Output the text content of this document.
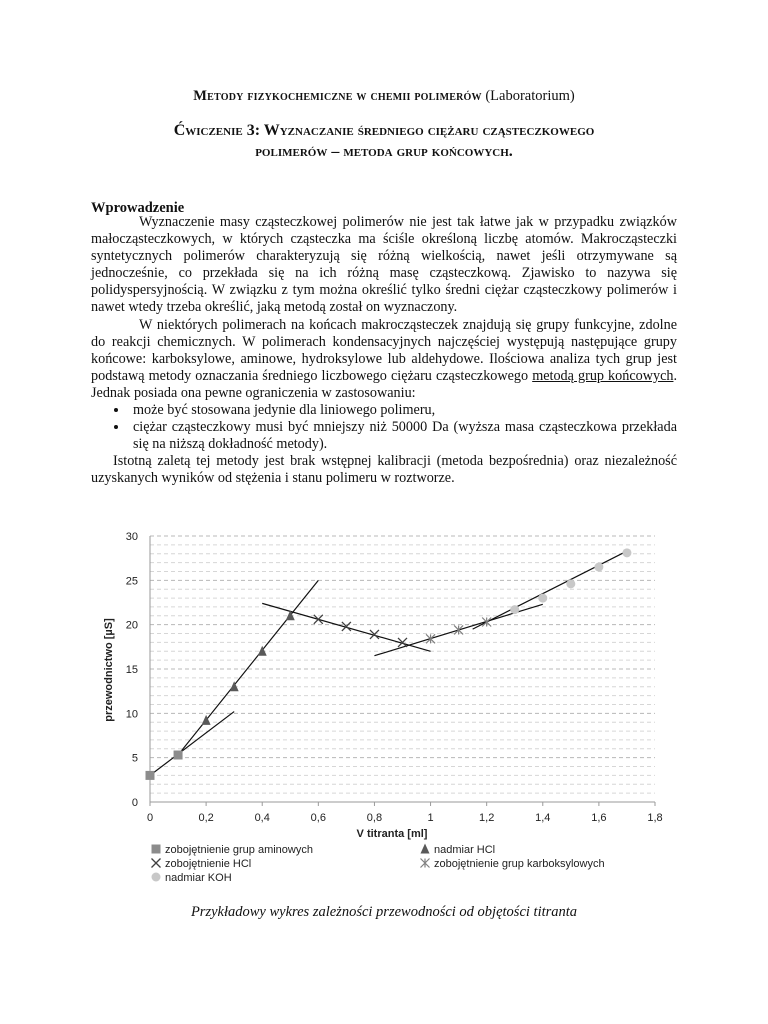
Metody fizykochemiczne w chemii polimerów (Laboratorium)
Ćwiczenie 3: Wyznaczanie średniego ciężaru cząsteczkowego
polimerów – metoda grup końcowych.
Wprowadzenie

Wyznaczenie masy cząsteczkowej polimerów nie jest tak łatwe jak w przypadku związków małocząsteczkowych, w których cząsteczka ma ściśle określoną liczbę atomów. Makrocząsteczki syntetycznych polimerów charakteryzują się różną wielkością, nawet jeśli otrzymywane są jednocześnie, co przekłada się na ich różną masę cząsteczkową. Zjawisko to nazywa się polidyspersyjnością. W związku z tym można określić tylko średni ciężar cząsteczkowy polimerów i nawet wtedy trzeba określić, jaką metodą został on wyznaczony.

W niektórych polimerach na końcach makrocząsteczek znajdują się grupy funkcyjne, zdolne do reakcji chemicznych. W polimerach kondensacyjnych najczęściej występują następujące grupy końcowe: karboksylowe, aminowe, hydroksylowe lub aldehydowe. Ilościowa analiza tych grup jest podstawą metody oznaczania średniego liczbowego ciężaru cząsteczkowego metodą grup końcowych. Jednak posiada ona pewne ograniczenia w zastosowaniu:

• może być stosowana jedynie dla liniowego polimeru,
• ciężar cząsteczkowy musi być mniejszy niż 50000 Da (wyższa masa cząsteczkowa przekłada się na niższą dokładność metody).

Istotną zaletą tej metody jest brak wstępnej kalibracji (metoda bezpośrednia) oraz niezależność uzyskanych wyników od stężenia i stanu polimeru w roztworze.

0
5
10
15
20
25
30
0	0,2	0,4	0,6	0,8	1	1,2	1,4	1,6	1,8
V titranta [ml]
przewodnictwo [µS]
zobojętnienie grup aminowych	nadmiar HCl
zobojętnienie HCl	zobojętnienie grup karboksylowych
nadmiar KOH
Przykładowy wykres zależności przewodności od objętości titranta
